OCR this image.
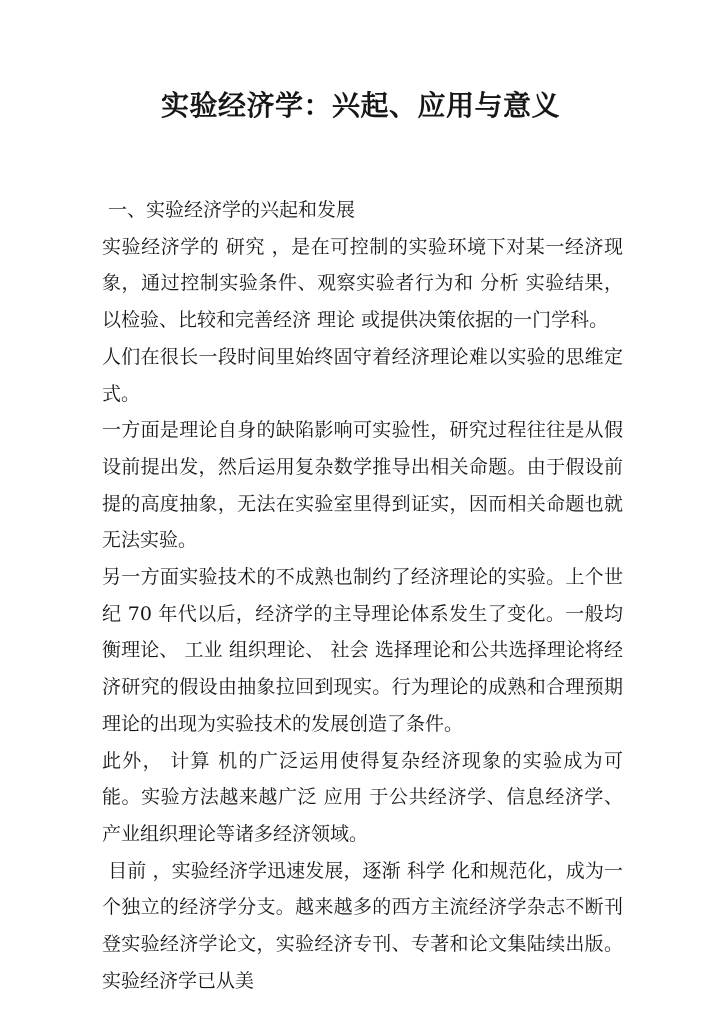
实验经济学：兴起、应用与意义

一、实验经济学的兴起和发展

实验经济学的 研究 ，是在可控制的实验环境下对某一经济现象，通过控制实验条件、观察实验者行为和 分析 实验结果，以检验、比较和完善经济 理论 或提供决策依据的一门学科。

人们在很长一段时间里始终固守着经济理论难以实验的思维定式。

一方面是理论自身的缺陷影响可实验性，研究过程往往是从假设前提出发，然后运用复杂数学推导出相关命题。由于假设前提的高度抽象，无法在实验室里得到证实，因而相关命题也就无法实验。

另一方面实验技术的不成熟也制约了经济理论的实验。上个世纪 70 年代以后，经济学的主导理论体系发生了变化。一般均衡理论、 工业 组织理论、 社会 选择理论和公共选择理论将经济研究的假设由抽象拉回到现实。行为理论的成熟和合理预期理论的出现为实验技术的发展创造了条件。

此外， 计算 机的广泛运用使得复杂经济现象的实验成为可能。实验方法越来越广泛 应用 于公共经济学、信息经济学、产业组织理论等诸多经济领域。

目前 ，实验经济学迅速发展，逐渐 科学 化和规范化，成为一个独立的经济学分支。越来越多的西方主流经济学杂志不断刊登实验经济学论文，实验经济专刊、专著和论文集陆续出版。实验经济学已从美
